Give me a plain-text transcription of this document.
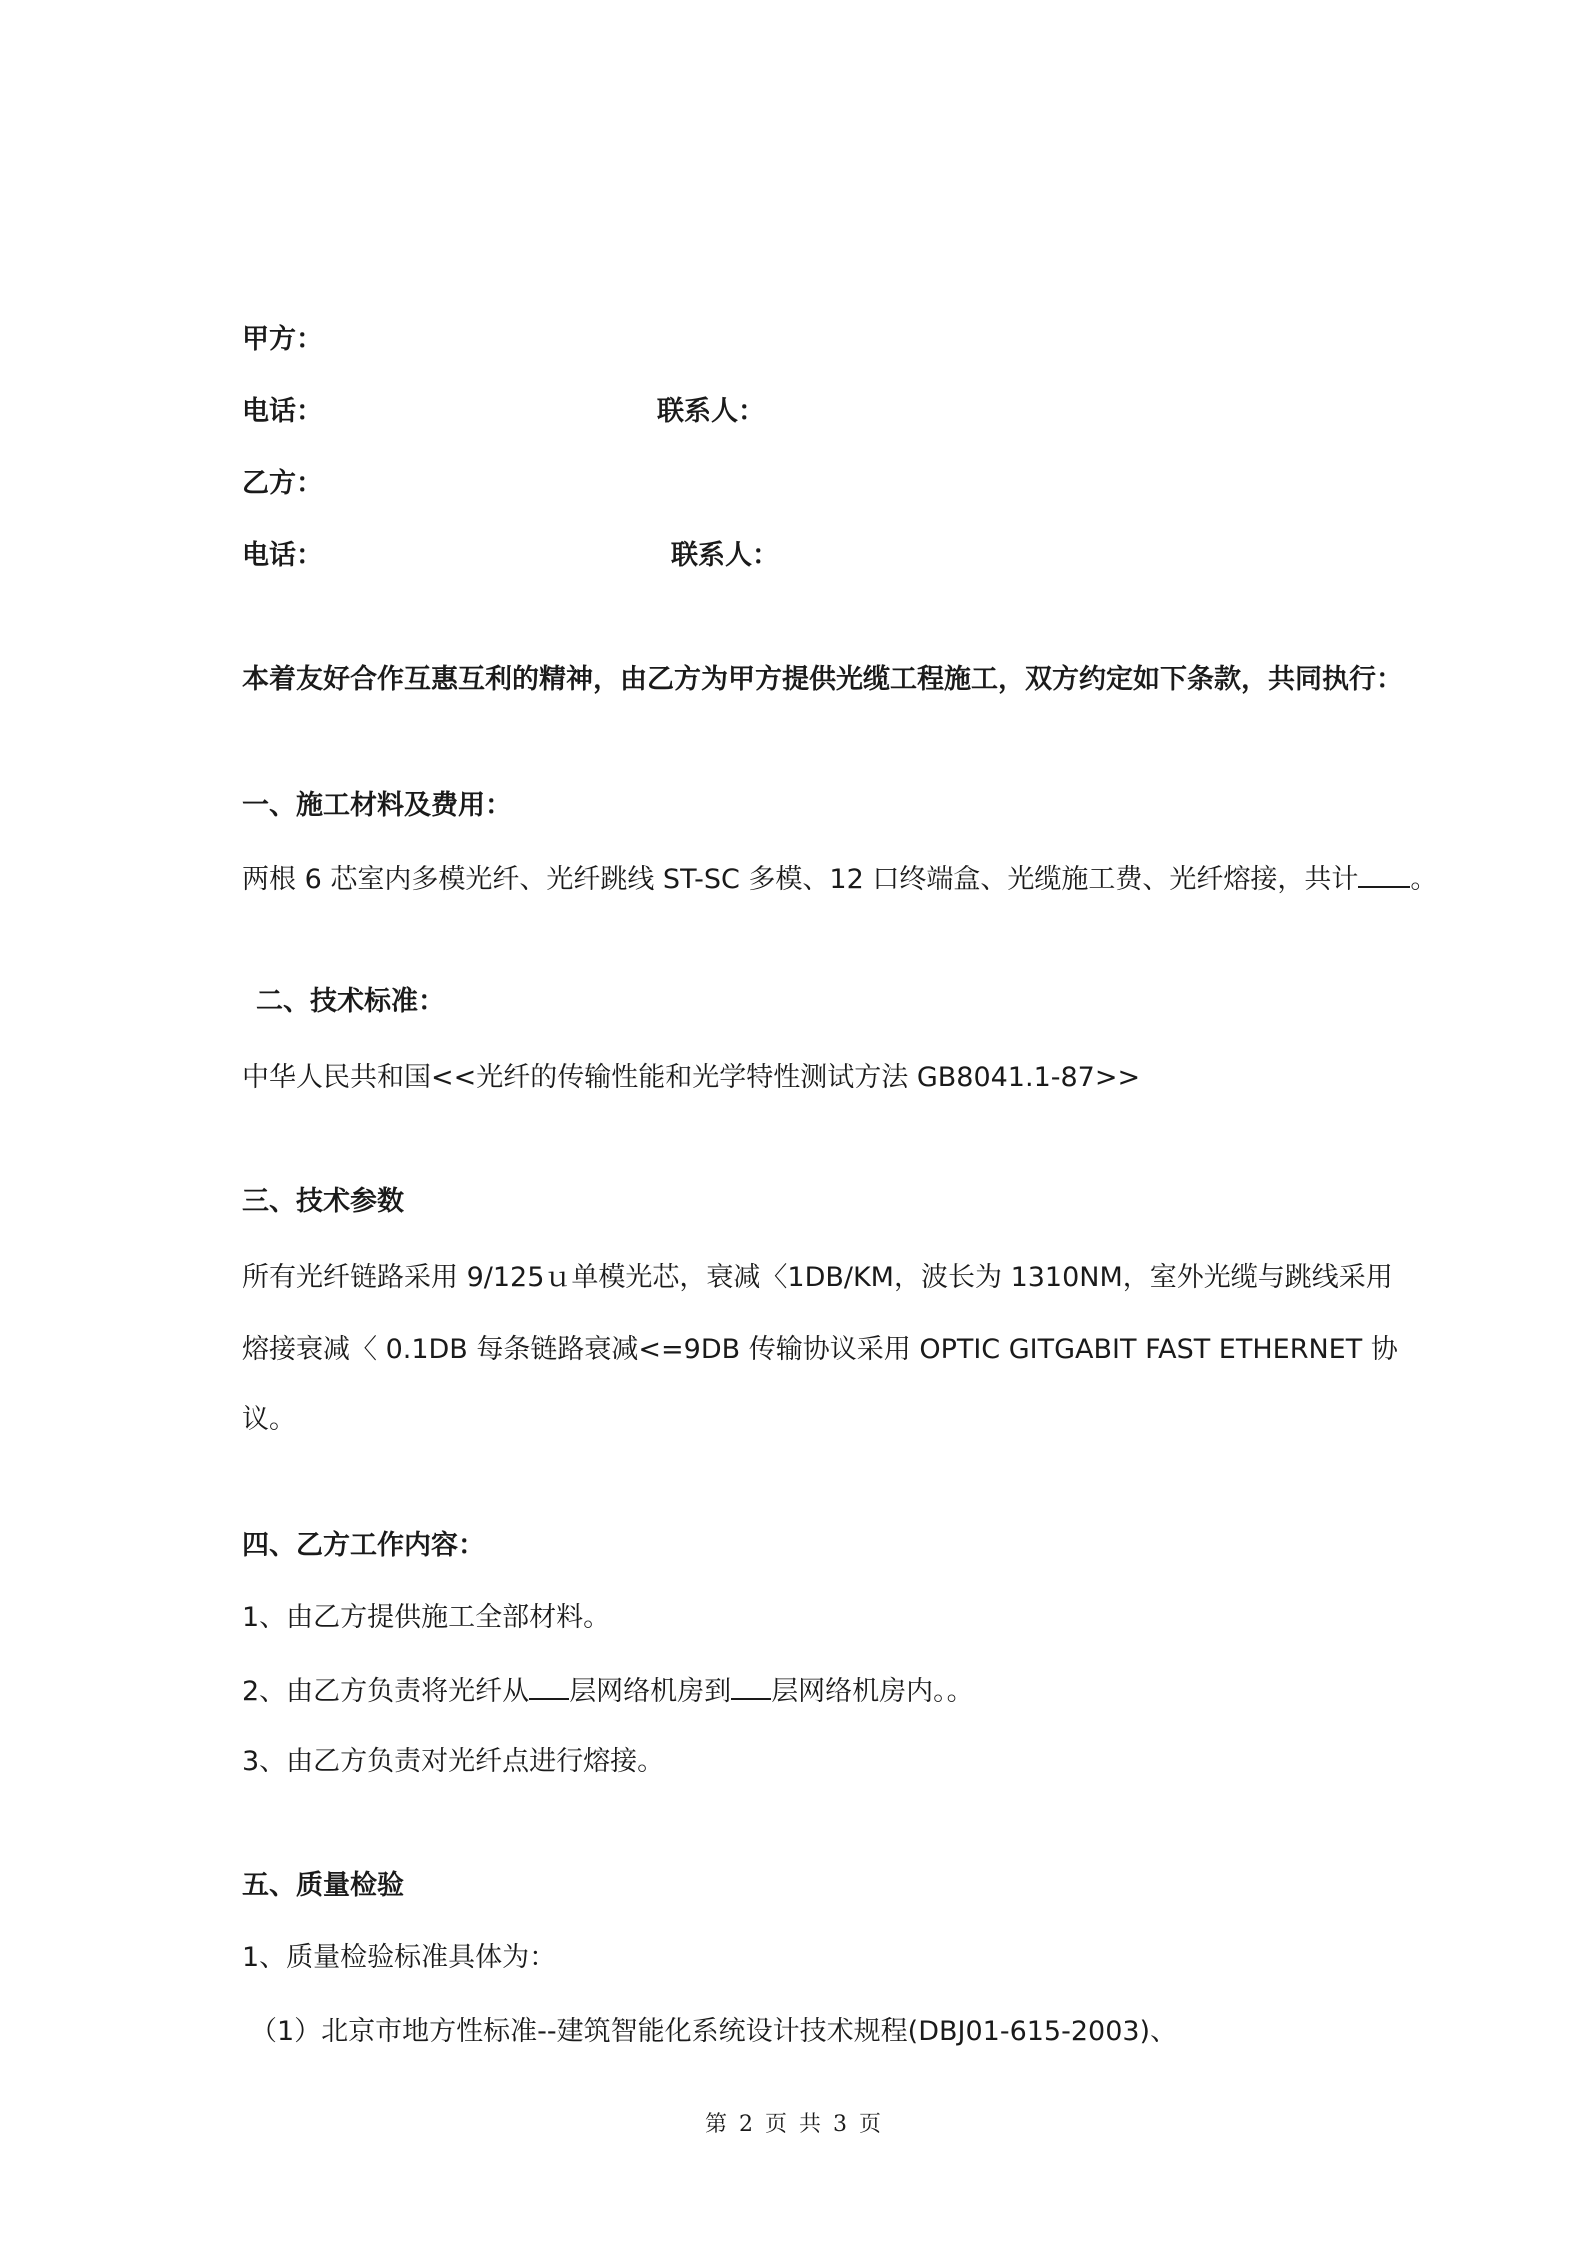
甲方：
电话：	联系人：
乙方：
电话：	联系人：
本着友好合作互惠互利的精神，由乙方为甲方提供光缆工程施工，双方约定如下条款，共同执行：
一、施工材料及费用：
两根 6 芯室内多模光纤、光纤跳线 ST-SC 多模、12 口终端盒、光缆施工费、光纤熔接，共计 。
二、技术标准：
中华人民共和国<<光纤的传输性能和光学特性测试方法 GB8041.1-87>>
三、技术参数
所有光纤链路采用 9/125ｕ单模光芯，衰减〈1DB/KM，波长为 1310NM，室外光缆与跳线采用
熔接衰减〈 0.1DB 每条链路衰减<=9DB 传输协议采用 OPTIC GITGABIT FAST ETHERNET 协
议。
四、乙方工作内容：
1、由乙方提供施工全部材料。
2、由乙方负责将光纤从 层网络机房到 层网络机房内。。
3、由乙方负责对光纤点进行熔接。
五、质量检验
1、质量检验标准具体为：
（1）北京市地方性标准--建筑智能化系统设计技术规程(DBJ01-615-2003)、
第 2 页 共 3 页
